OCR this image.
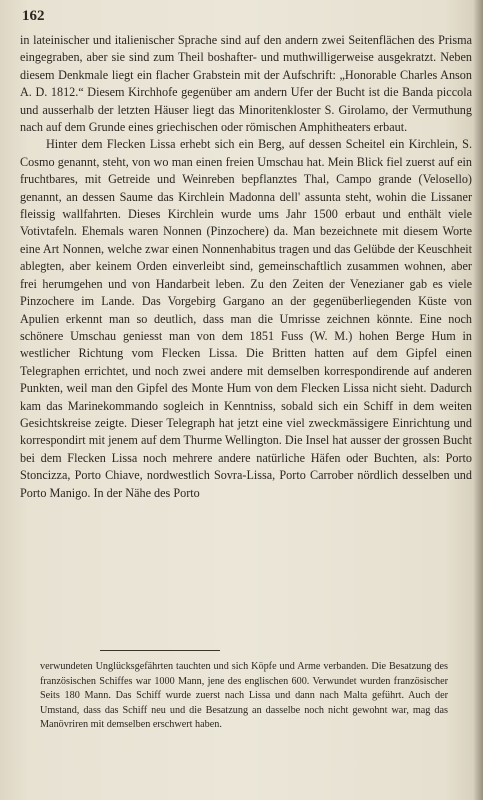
162

in lateinischer und italienischer Sprache sind auf den andern zwei Seitenflächen des Prisma eingegraben, aber sie sind zum Theil boshafter- und muthwilligerweise ausgekratzt. Neben diesem Denkmale liegt ein flacher Grabstein mit der Aufschrift: „Honorable Charles Anson A. D. 1812.“ Diesem Kirchhofe gegenüber am andern Ufer der Bucht ist die Banda piccola und ausserhalb der letzten Häuser liegt das Minoritenkloster S. Girolamo, der Vermuthung nach auf dem Grunde eines griechischen oder römischen Amphitheaters erbaut.

Hinter dem Flecken Lissa erhebt sich ein Berg, auf dessen Scheitel ein Kirchlein, S. Cosmo genannt, steht, von wo man einen freien Umschau hat. Mein Blick fiel zuerst auf ein fruchtbares, mit Getreide und Weinreben bepflanztes Thal, Campo grande (Velosello) genannt, an dessen Saume das Kirchlein Madonna dell' assunta steht, wohin die Lissaner fleissig wallfahrten. Dieses Kirchlein wurde ums Jahr 1500 erbaut und enthält viele Votivtafeln. Ehemals waren Nonnen (Pinzochere) da. Man bezeichnete mit diesem Worte eine Art Nonnen, welche zwar einen Nonnenhabitus tragen und das Gelübde der Keuschheit ablegten, aber keinem Orden einverleibt sind, gemeinschaftlich zusammen wohnen, aber frei herumgehen und von Handarbeit leben. Zu den Zeiten der Venezianer gab es viele Pinzochere im Lande. Das Vorgebirg Gargano an der gegenüberliegenden Küste von Apulien erkennt man so deutlich, dass man die Umrisse zeichnen könnte. Eine noch schönere Umschau geniesst man von dem 1851 Fuss (W. M.) hohen Berge Hum in westlicher Richtung vom Flecken Lissa. Die Britten hatten auf dem Gipfel einen Telegraphen errichtet, und noch zwei andere mit demselben korrespondirende auf anderen Punkten, weil man den Gipfel des Monte Hum von dem Flecken Lissa nicht sieht. Dadurch kam das Marinekommando sogleich in Kenntniss, sobald sich ein Schiff in dem weiten Gesichtskreise zeigte. Dieser Telegraph hat jetzt eine viel zweckmässigere Einrichtung und korrespondirt mit jenem auf dem Thurme Wellington. Die Insel hat ausser der grossen Bucht bei dem Flecken Lissa noch mehrere andere natürliche Häfen oder Buchten, als: Porto Stoncizza, Porto Chiave, nordwestlich Sovra-Lissa, Porto Carrober nördlich desselben und Porto Manigo. In der Nähe des Porto

verwundeten Unglücksgefährten tauchten und sich Köpfe und Arme verbanden. Die Besatzung des französischen Schiffes war 1000 Mann, jene des englischen 600. Verwundet wurden französischer Seits 180 Mann. Das Schiff wurde zuerst nach Lissa und dann nach Malta geführt. Auch der Umstand, dass das Schiff neu und die Besatzung an dasselbe noch nicht gewohnt war, mag das Manövriren mit demselben erschwert haben.
